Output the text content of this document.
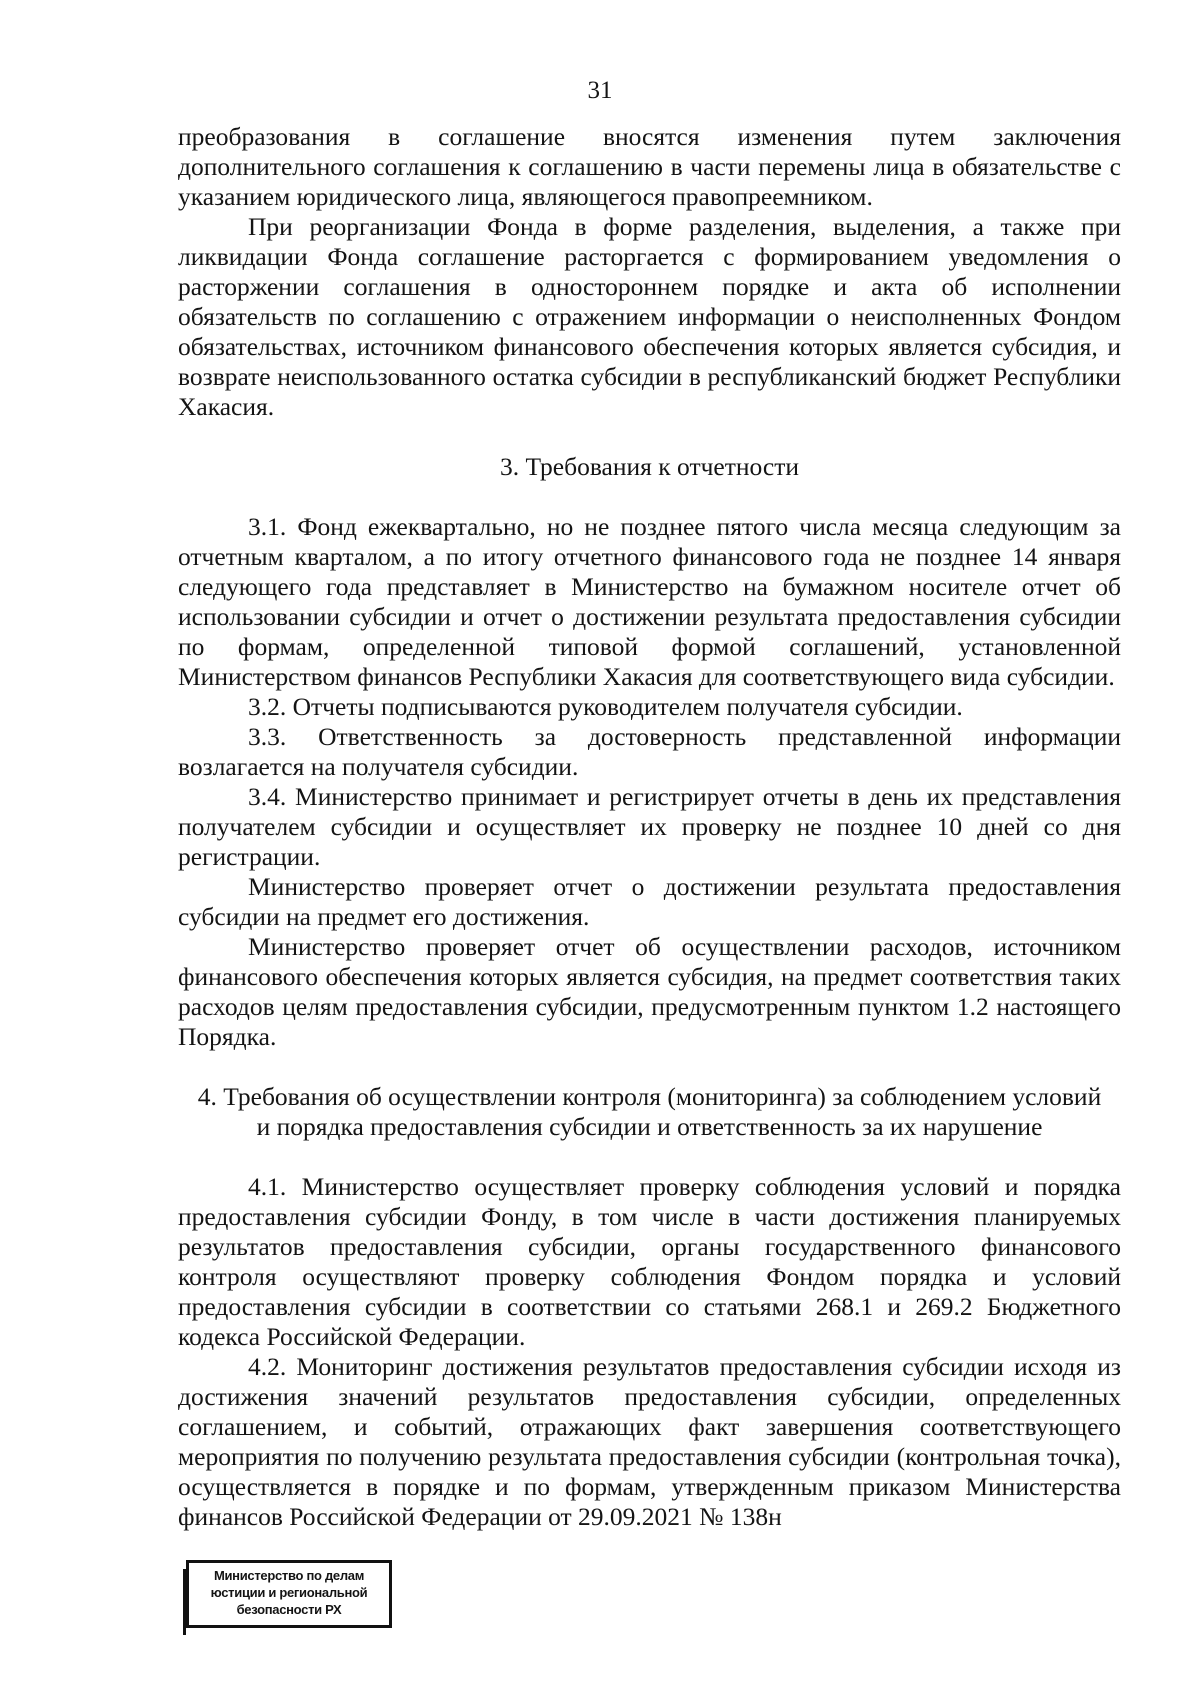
31

преобразования в соглашение вносятся изменения путем заключения дополнительного соглашения к соглашению в части перемены лица в обязательстве с указанием юридического лица, являющегося правопреемником.

При реорганизации Фонда в форме разделения, выделения, а также при ликвидации Фонда соглашение расторгается с формированием уведомления о расторжении соглашения в одностороннем порядке и акта об исполнении обязательств по соглашению с отражением информации о неисполненных Фондом обязательствах, источником финансового обеспечения которых является субсидия, и возврате неиспользованного остатка субсидии в республиканский бюджет Республики Хакасия.

3. Требования к отчетности

3.1. Фонд ежеквартально, но не позднее пятого числа месяца следующим за отчетным кварталом, а по итогу отчетного финансового года не позднее 14 января следующего года представляет в Министерство на бумажном носителе отчет об использовании субсидии и отчет о достижении результата предоставления субсидии по формам, определенной типовой формой соглашений, установленной Министерством финансов Республики Хакасия для соответствующего вида субсидии.

3.2. Отчеты подписываются руководителем получателя субсидии.

3.3. Ответственность за достоверность представленной информации возлагается на получателя субсидии.

3.4. Министерство принимает и регистрирует отчеты в день их представления получателем субсидии и осуществляет их проверку не позднее 10 дней со дня регистрации.

Министерство проверяет отчет о достижении результата предоставления субсидии на предмет его достижения.

Министерство проверяет отчет об осуществлении расходов, источником финансового обеспечения которых является субсидия, на предмет соответствия таких расходов целям предоставления субсидии, предусмотренным пунктом 1.2 настоящего Порядка.

4. Требования об осуществлении контроля (мониторинга) за соблюдением условий
и порядка предоставления субсидии и ответственность за их нарушение

4.1. Министерство осуществляет проверку соблюдения условий и порядка предоставления субсидии Фонду, в том числе в части достижения планируемых результатов предоставления субсидии, органы государственного финансового контроля осуществляют проверку соблюдения Фондом порядка и условий предоставления субсидии в соответствии со статьями 268.1 и 269.2 Бюджетного кодекса Российской Федерации.

4.2. Мониторинг достижения результатов предоставления субсидии исходя из достижения значений результатов предоставления субсидии, определенных соглашением, и событий, отражающих факт завершения соответствующего мероприятия по получению результата предоставления субсидии (контрольная точка), осуществляется в порядке и по формам, утвержденным приказом Министерства финансов Российской Федерации от 29.09.2021 № 138н

Министерство по делам
юстиции и региональной
безопасности РХ
